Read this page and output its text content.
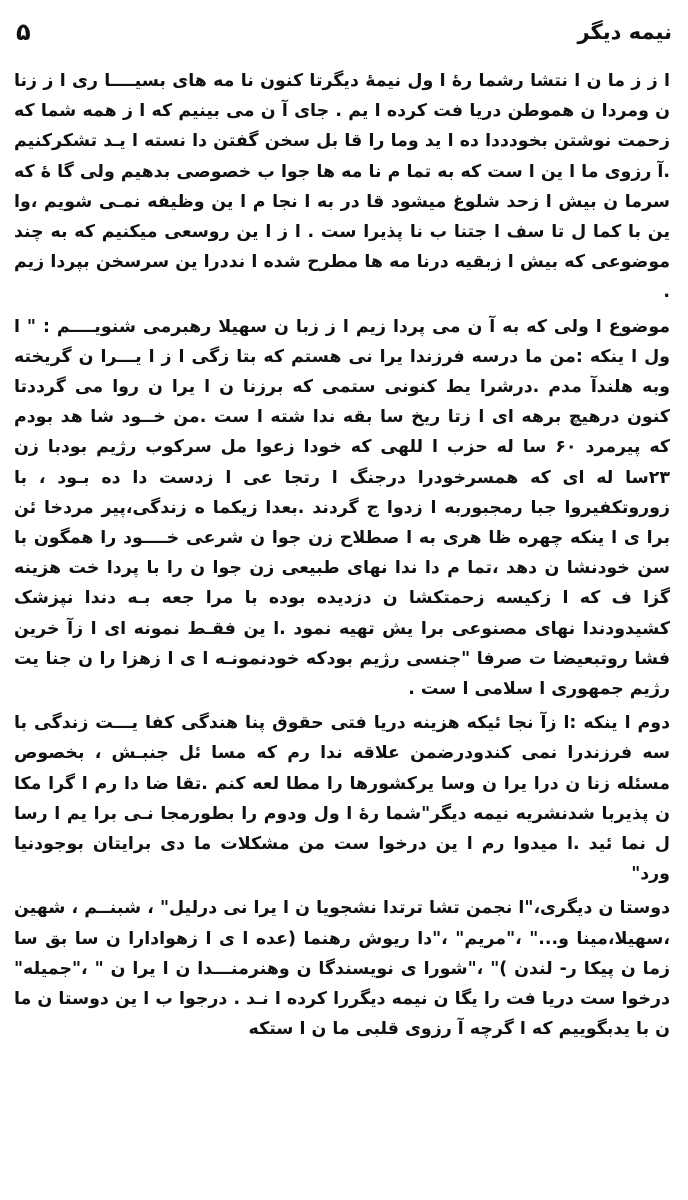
نیمه دیگر
۵

ا ز ز ما ن ا نتشا رشما رهٔ ا ول نیمهٔ دیگرتا کنون نا مه های بسیــــا ری ا ز زنا ن ومردا ن هموطن دریا فت کرده ا یم . جای آ ن می بینیم که ا ز همه شما که زحمت نوشتن بخودددا ده ا ید وما را قا بل سخن گفتن دا نسته ا یـد تشکرکنیم .آ رزوی ما ا ین ا ست که به تما م نا مه ها جوا ب خصوصی بدهیم ولی گا هٔ که سرما ن بیش ا زحد شلوغ میشود قا در به ا نجا م ا ین وظیفه نمـی شویم ،وا ین با کما ل تا سف ا جتنا ب نا پذیرا ست . ا ز ا ین روسعی میکنیم که به چند موضوعی که بیش ا زبقیه درنا مه ها مطرح شده ا نددرا ین سرسخن بپردا زیم .

موضوع ا ولی که به آ ن می پردا زیم ا ز زبا ن سهیلا رهبرمی شنویــــم : " ا ول ا ینکه :من ما درسه فرزندا یرا نی هستم که بتا زگی ا ز ا یـــرا ن گریخته وبه هلندآ مدم .درشرا یط کنونی ستمی که برزنا ن ا یرا ن روا می گرددتا کنون درهیچ برهه ای ا زتا ریخ سا بقه ندا شته ا ست .من خــود شا هد بودم که پیرمرد ۶۰ سا له حزب ا للهی که خودا زعوا مل سرکوب رژیم بودبا زن ۲۳سا له ای که همسرخودرا درجنگ ا رتجا عی ا زدست دا ده بـود ، با زوروتکفیروا جبا رمجبوربه ا زدوا ج گردند .بعدا زیکما ه زندگی،پیر مردخا ئن برا ی ا ینکه چهره ظا هری به ا صطلاح زن جوا ن شرعی خــــود را همگون با سن خودنشا ن دهد ،تما م دا ندا نهای طبیعی زن جوا ن را با پردا خت هزینه گزا ف که ا زکیسه زحمتکشا ن دزدیده بوده با مرا جعه بـه دندا نپزشک کشیدودندا نهای مصنوعی برا یش تهیه نمود .ا ین فقـط نمونه ای ا زآ خرین فشا روتبعیضا ت صرفا "جنسی رژیم بودکه خودنمونـه ا ی ا زهزا را ن جنا یت رژیم جمهوری ا سلامی ا ست .

دوم ا ینکه :ا زآ نجا ئیکه هزینه دریا فتی حقوق پنا هندگی کفا یـــت زندگی با سه فرزندرا نمی کندودرضمن علاقه ندا رم که مسا ئل جنبـش ، بخصوص مسئله زنا ن درا یرا ن وسا یرکشورها را مطا لعه کنم .تقا ضا دا رم ا گرا مکا ن پذیربا شدنشریه نیمه دیگر"شما رهٔ ا ول ودوم را بطورمجا نـی برا یم ا رسا ل نما ئید .ا میدوا رم ا ین درخوا ست من مشکلات ما دی برایتان بوجودنیا ورد"

دوستا ن دیگری،"ا نجمن تشا ترتدا نشجویا ن ا یرا نی درلیل" ، شبنــم ، شهین ،سهیلا،مینا و..." ،"مریم" ،"دا ریوش رهنما (عده ا ی ا زهوادارا ن سا بق سا زما ن پیکا ر- لندن )" ،"شورا ی نویسندگا ن وهنرمنـــدا ن ا یرا ن " ،"جمیله" درخوا ست دریا فت را یگا ن نیمه دیگررا کرده ا نـد . درجوا ب ا ین دوستا ن ما ن با یدبگوییم که ا گرچه آ رزوی قلبی ما ن ا ستکه
